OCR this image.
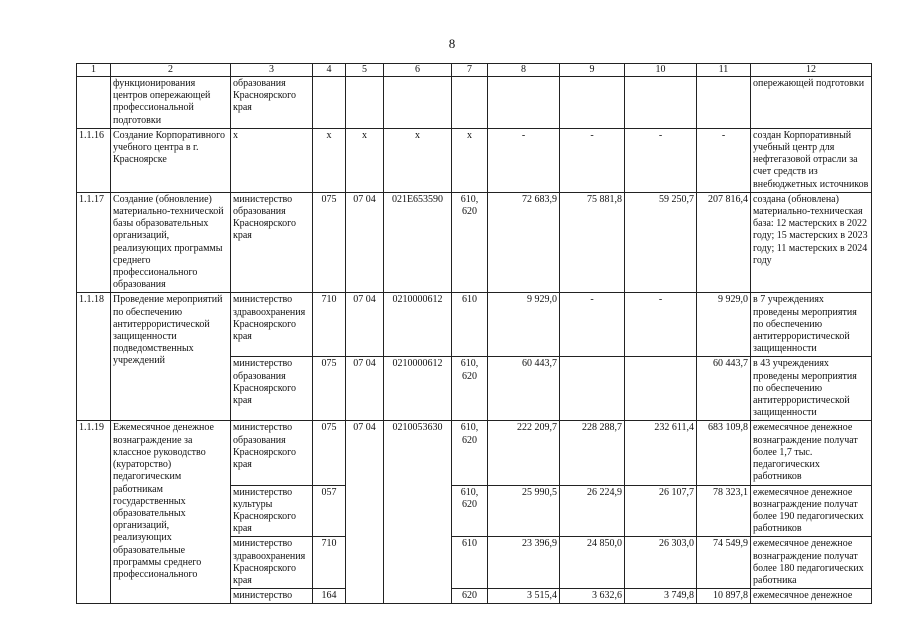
8
1	2	3	4	5	6	7	8	9	10	11	12
	функционирования центров опережающей профессиональной подготовки	образования Красноярского края									опережающей подготовки
1.1.16	Создание Корпоративного учебного центра в г. Красноярске	х	х	х	х	х	-	-	-	-	создан Корпоративный учебный центр для нефтегазовой отрасли за счет средств из внебюджетных источников
1.1.17	Создание (обновление) материально-технической базы образовательных организаций, реализующих программы среднего профессионального образования	министерство образования Красноярского края	075	07 04	021Е653590	610, 620	72 683,9	75 881,8	59 250,7	207 816,4	создана (обновлена) материально-техническая база: 12 мастерских в 2022 году; 15 мастерских в 2023 году; 11 мастерских в 2024 году
1.1.18	Проведение мероприятий по обеспечению антитеррористической защищенности подведомственных учреждений	министерство здравоохранения Красноярского края	710	07 04	0210000612	610	9 929,0	-	-	9 929,0	в 7 учреждениях проведены мероприятия по обеспечению антитеррористической защищенности
		министерство образования Красноярского края	075	07 04	0210000612	610, 620	60 443,7			60 443,7	в 43 учреждениях проведены мероприятия по обеспечению антитеррористической защищенности
1.1.19	Ежемесячное денежное вознаграждение за классное руководство (кураторство) педагогическим работникам государственных образовательных организаций, реализующих образовательные программы среднего профессионального	министерство образования Красноярского края	075	07 04	0210053630	610, 620	222 209,7	228 288,7	232 611,4	683 109,8	ежемесячное денежное вознаграждение получат более 1,7 тыс. педагогических работников
		министерство культуры Красноярского края	057			610, 620	25 990,5	26 224,9	26 107,7	78 323,1	ежемесячное денежное вознаграждение получат более 190 педагогических работников
		министерство здравоохранения Красноярского края	710			610	23 396,9	24 850,0	26 303,0	74 549,9	ежемесячное денежное вознаграждение получат более 180 педагогических работника
		министерство	164			620	3 515,4	3 632,6	3 749,8	10 897,8	ежемесячное денежное
